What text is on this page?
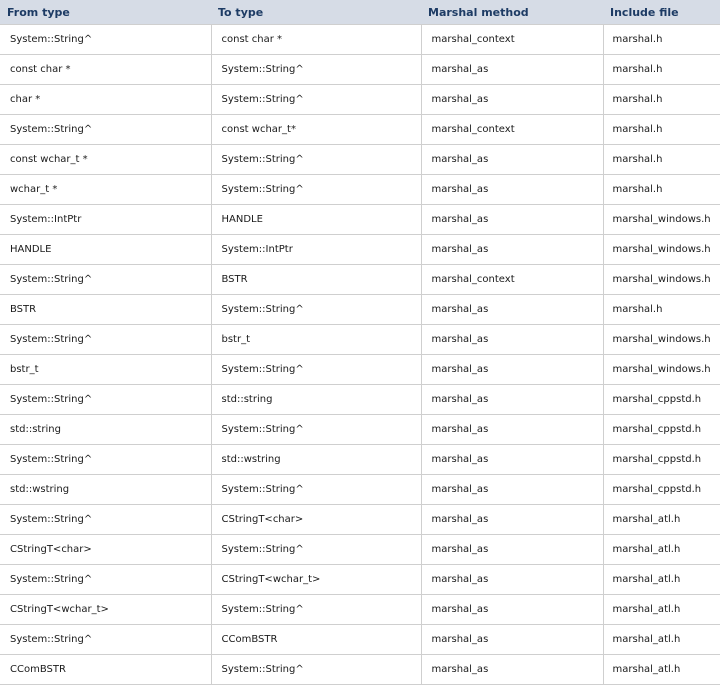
From type	To type	Marshal method	Include file
System::String^	const char *	marshal_context	marshal.h
const char *	System::String^	marshal_as	marshal.h
char *	System::String^	marshal_as	marshal.h
System::String^	const wchar_t*	marshal_context	marshal.h
const wchar_t *	System::String^	marshal_as	marshal.h
wchar_t *	System::String^	marshal_as	marshal.h
System::IntPtr	HANDLE	marshal_as	marshal_windows.h
HANDLE	System::IntPtr	marshal_as	marshal_windows.h
System::String^	BSTR	marshal_context	marshal_windows.h
BSTR	System::String^	marshal_as	marshal.h
System::String^	bstr_t	marshal_as	marshal_windows.h
bstr_t	System::String^	marshal_as	marshal_windows.h
System::String^	std::string	marshal_as	marshal_cppstd.h
std::string	System::String^	marshal_as	marshal_cppstd.h
System::String^	std::wstring	marshal_as	marshal_cppstd.h
std::wstring	System::String^	marshal_as	marshal_cppstd.h
System::String^	CStringT<char>	marshal_as	marshal_atl.h
CStringT<char>	System::String^	marshal_as	marshal_atl.h
System::String^	CStringT<wchar_t>	marshal_as	marshal_atl.h
CStringT<wchar_t>	System::String^	marshal_as	marshal_atl.h
System::String^	CComBSTR	marshal_as	marshal_atl.h
CComBSTR	System::String^	marshal_as	marshal_atl.h
